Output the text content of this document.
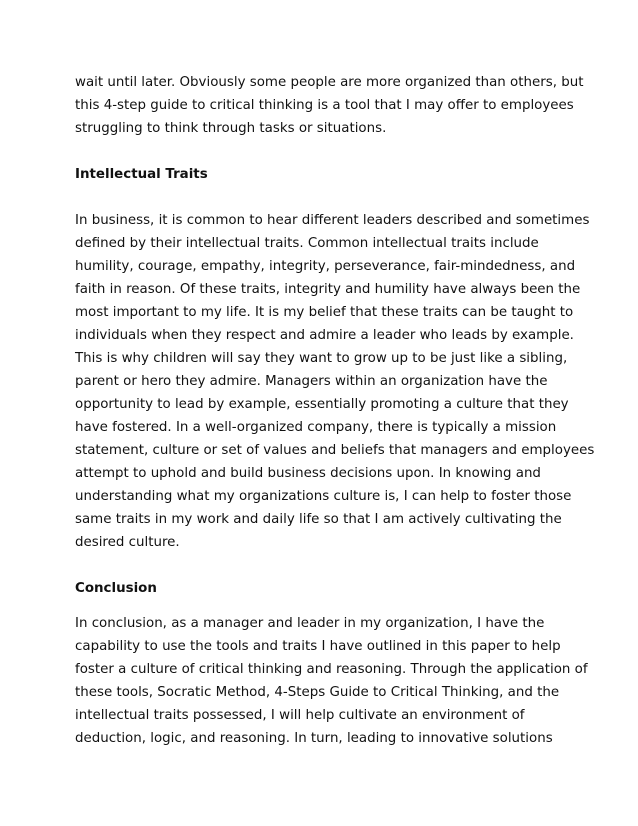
wait until later. Obviously some people are more organized than others, but
this 4-step guide to critical thinking is a tool that I may offer to employees
struggling to think through tasks or situations.
Intellectual Traits
In business, it is common to hear different leaders described and sometimes
defined by their intellectual traits. Common intellectual traits include
humility, courage, empathy, integrity, perseverance, fair-mindedness, and
faith in reason. Of these traits, integrity and humility have always been the
most important to my life. It is my belief that these traits can be taught to
individuals when they respect and admire a leader who leads by example.
This is why children will say they want to grow up to be just like a sibling,
parent or hero they admire. Managers within an organization have the
opportunity to lead by example, essentially promoting a culture that they
have fostered. In a well-organized company, there is typically a mission
statement, culture or set of values and beliefs that managers and employees
attempt to uphold and build business decisions upon. In knowing and
understanding what my organizations culture is, I can help to foster those
same traits in my work and daily life so that I am actively cultivating the
desired culture.
Conclusion
In conclusion, as a manager and leader in my organization, I have the
capability to use the tools and traits I have outlined in this paper to help
foster a culture of critical thinking and reasoning. Through the application of
these tools, Socratic Method, 4-Steps Guide to Critical Thinking, and the
intellectual traits possessed, I will help cultivate an environment of
deduction, logic, and reasoning. In turn, leading to innovative solutions
